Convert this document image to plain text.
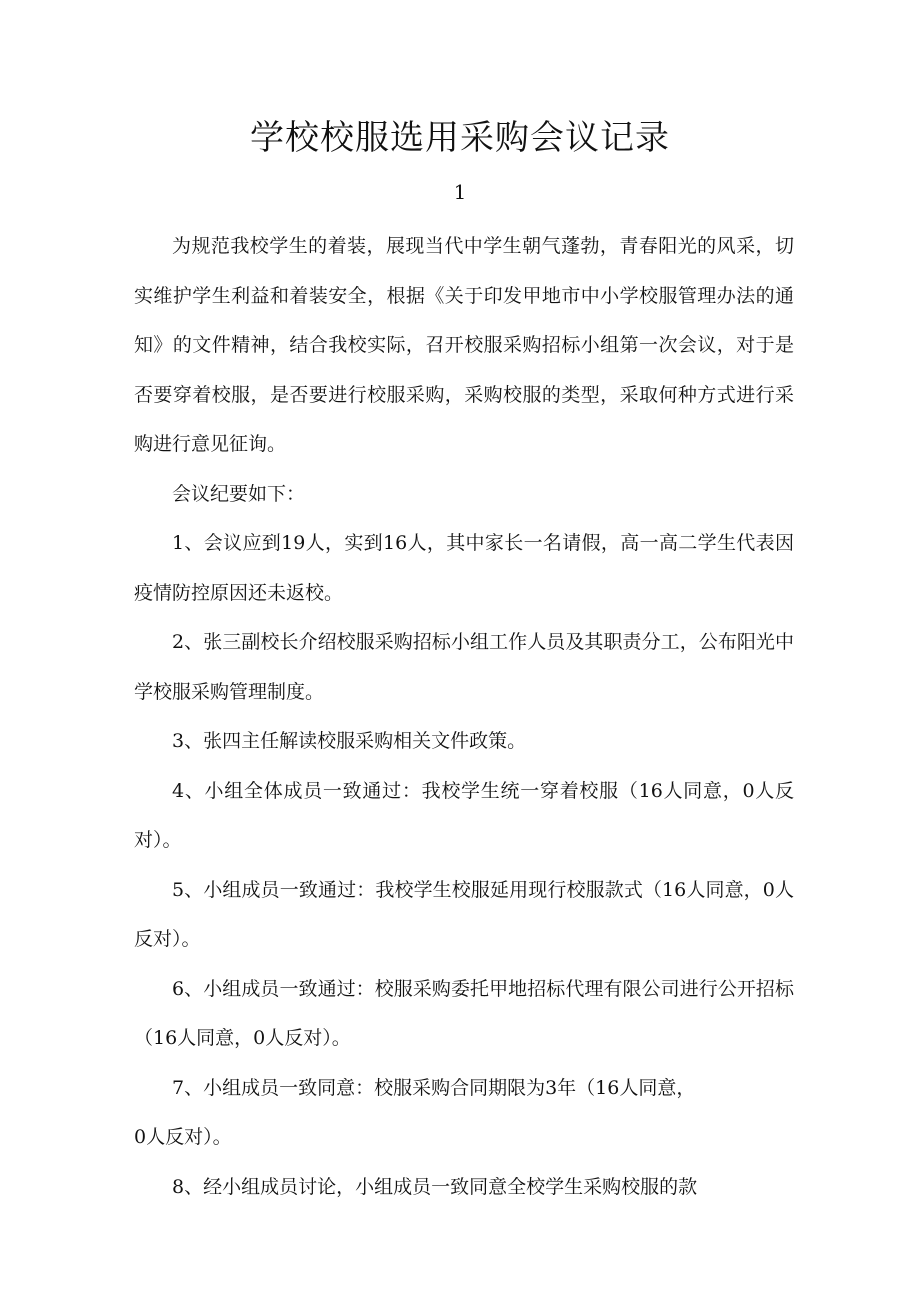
学校校服选用采购会议记录
1

为规范我校学生的着装，展现当代中学生朝气蓬勃，青春阳光的风采，切实维护学生利益和着装安全，根据《关于印发甲地市中小学校服管理办法的通知》的文件精神，结合我校实际，召开校服采购招标小组第一次会议，对于是否要穿着校服，是否要进行校服采购，采购校服的类型，采取何种方式进行采购进行意见征询。

会议纪要如下：

1、会议应到19人，实到16人，其中家长一名请假，高一高二学生代表因疫情防控原因还未返校。

2、张三副校长介绍校服采购招标小组工作人员及其职责分工，公布阳光中学校服采购管理制度。

3、张四主任解读校服采购相关文件政策。

4、小组全体成员一致通过：我校学生统一穿着校服（16人同意，0人反对）。

5、小组成员一致通过：我校学生校服延用现行校服款式（16人同意，0人反对）。

6、小组成员一致通过：校服采购委托甲地招标代理有限公司进行公开招标（16人同意，0人反对）。

7、小组成员一致同意：校服采购合同期限为3年（16人同意，

0人反对）。

8、经小组成员讨论，小组成员一致同意全校学生采购校服的款
